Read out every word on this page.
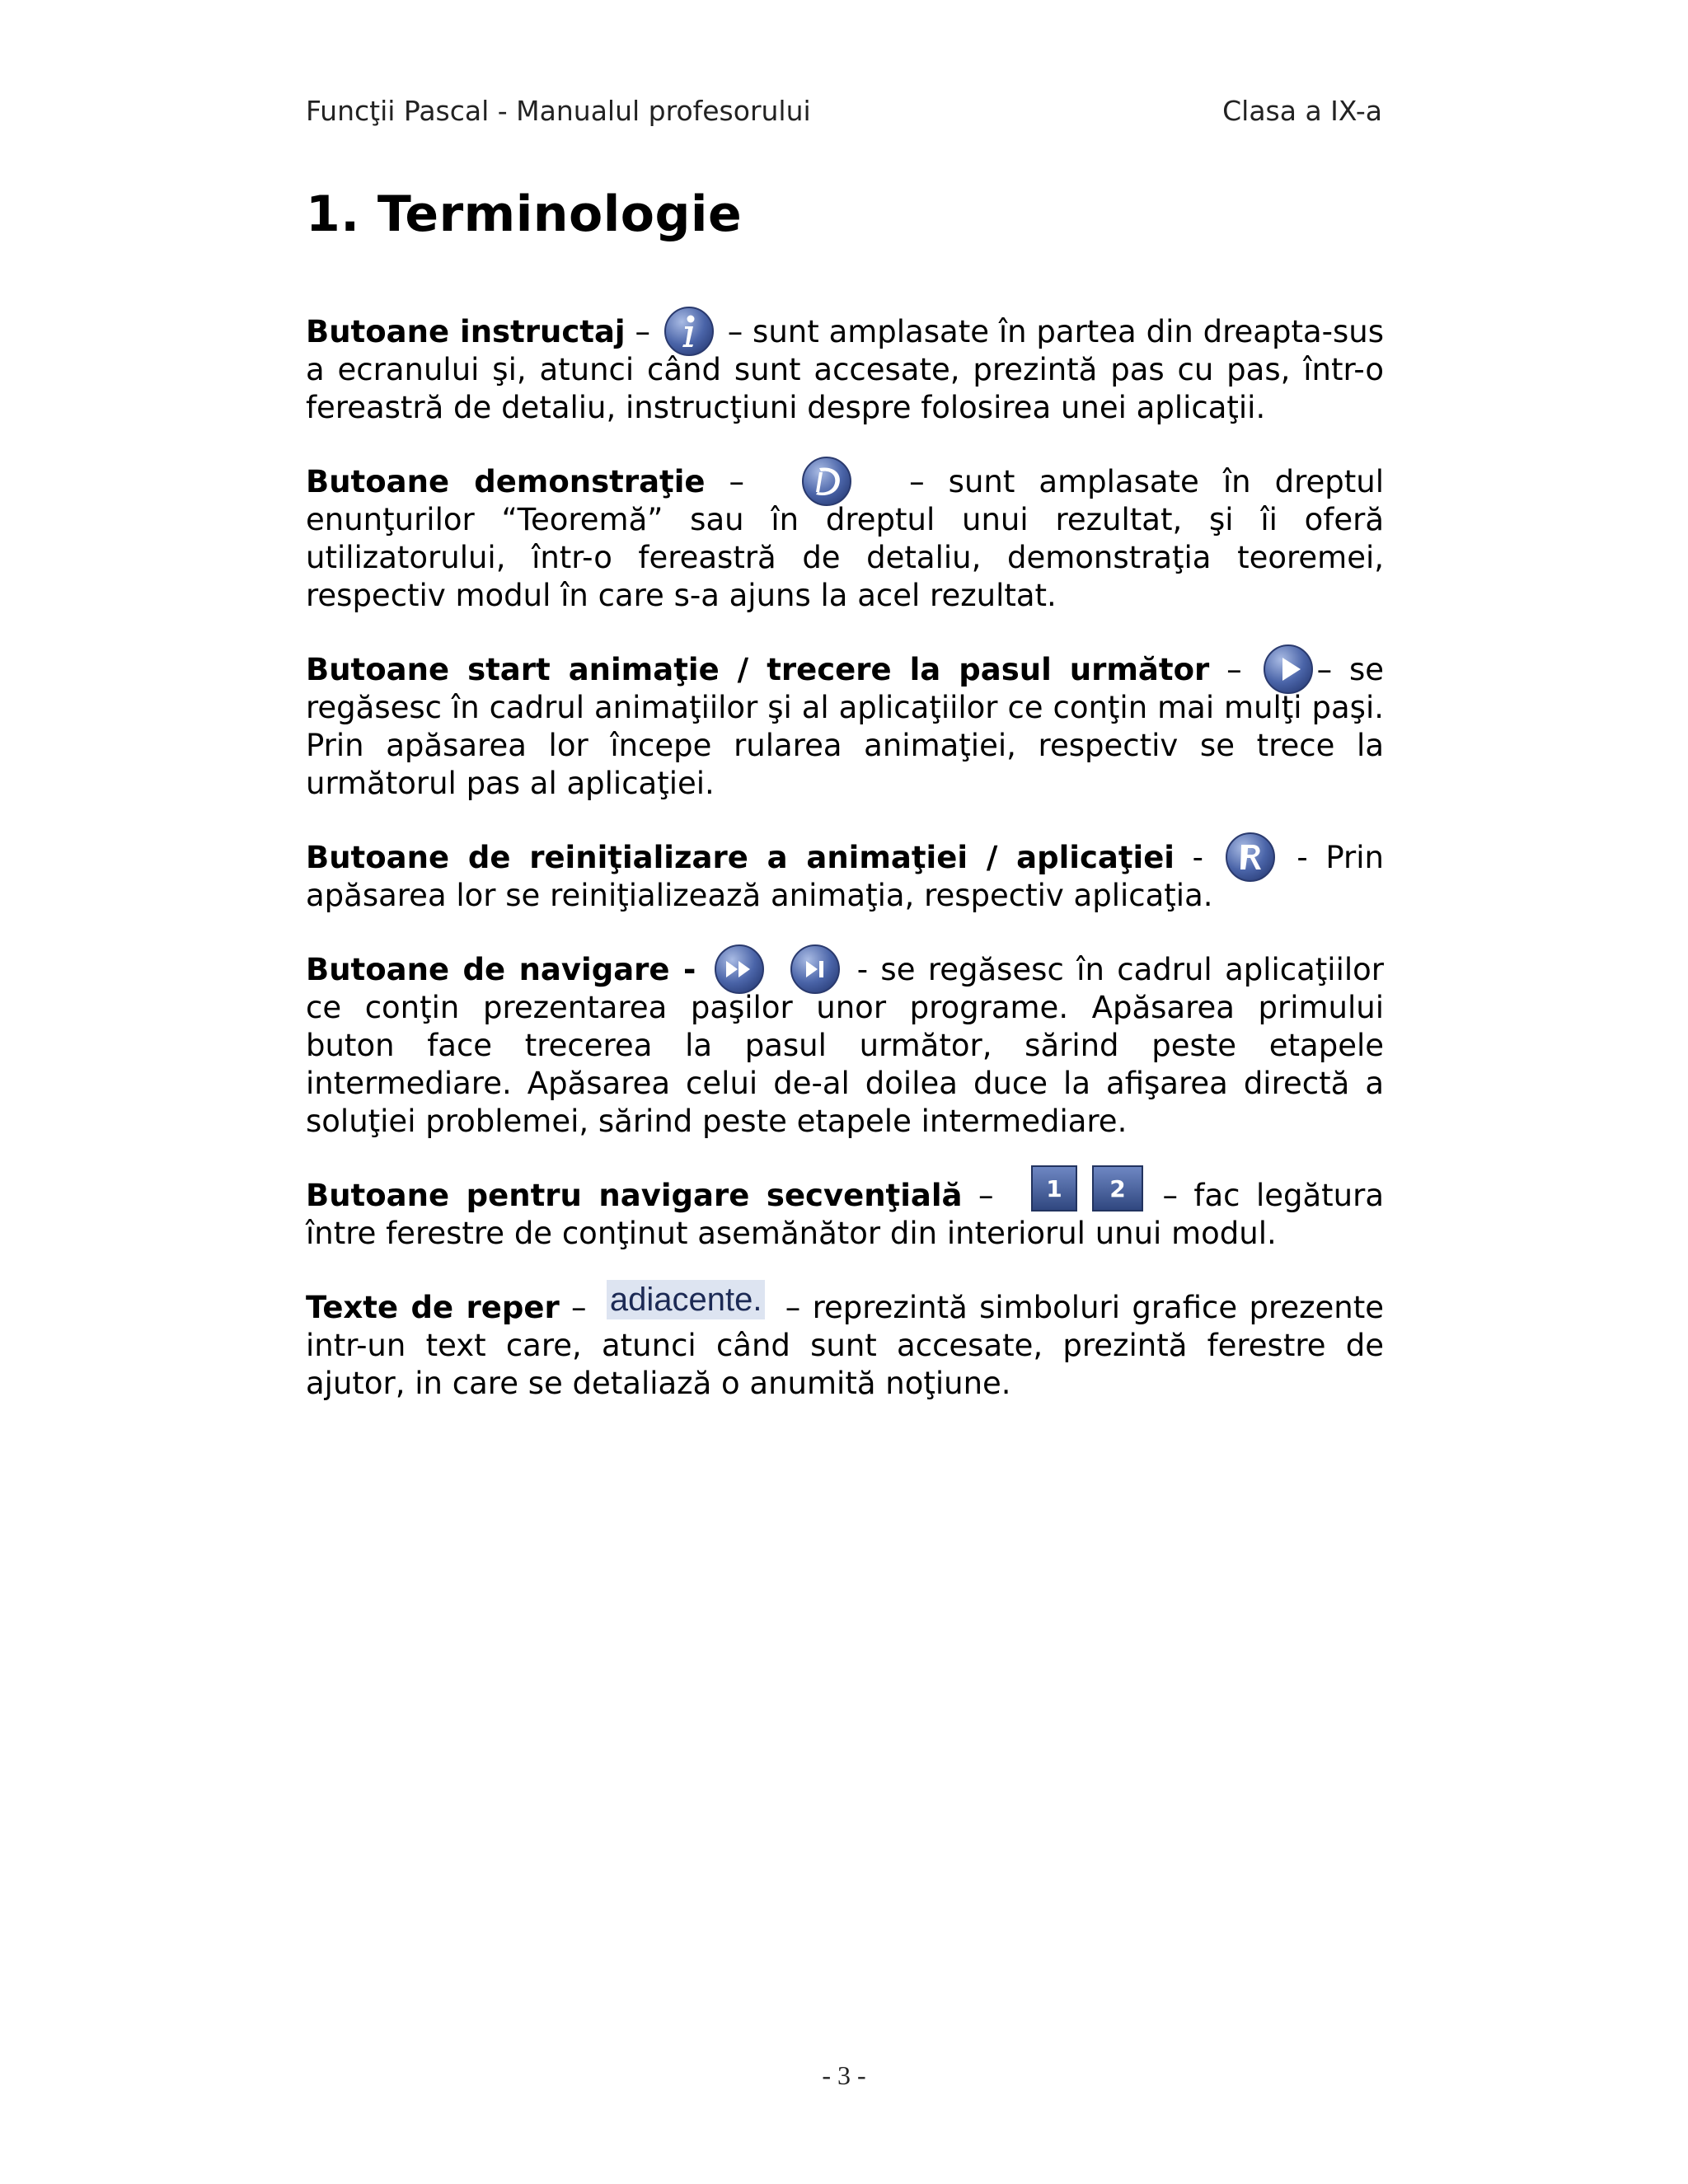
Funcţii Pascal - Manualul profesorului	Clasa a IX-a
1. Terminologie

Butoane instructaj –
– sunt amplasate în partea din dreapta-sus a ecranului şi, atunci când sunt accesate, prezintă pas cu pas, într-o fereastră de detaliu, instrucţiuni despre folosirea unei aplicaţii.

Butoane demonstraţie –	– sunt amplasate în dreptul enunţurilor “Teoremă” sau în dreptul unui rezultat, şi îi oferă utilizatorului, într-o fereastră de detaliu, demonstraţia teoremei, respectiv modul în care s-a ajuns la acel rezultat.

Butoane start animaţie / trecere la pasul următor –
– se regăsesc în cadrul animaţiilor şi al aplicaţiilor ce conţin mai mulţi paşi. Prin apăsarea lor începe rularea animaţiei, respectiv se trece la următorul pas al aplicaţiei.

Butoane de reiniţializare a animaţiei / aplicaţiei -
- Prin apăsarea lor se reiniţializează animaţia, respectiv aplicaţia.

Butoane de navigare -	- se regăsesc în cadrul aplicaţiilor ce conţin prezentarea paşilor unor programe. Apăsarea primului buton face trecerea la pasul următor, sărind peste etapele intermediare. Apăsarea celui de-al doilea duce la afişarea directă a soluţiei problemei, sărind peste etapele intermediare.

Butoane pentru navigare secvenţială – 1 2 – fac legătura între ferestre de conţinut asemănător din interiorul unui modul.

Texte de reper – adiacente. – reprezintă simboluri grafice prezente intr-un text care, atunci când sunt accesate, prezintă ferestre de ajutor, in care se detaliază o anumită noţiune.

- 3 -
